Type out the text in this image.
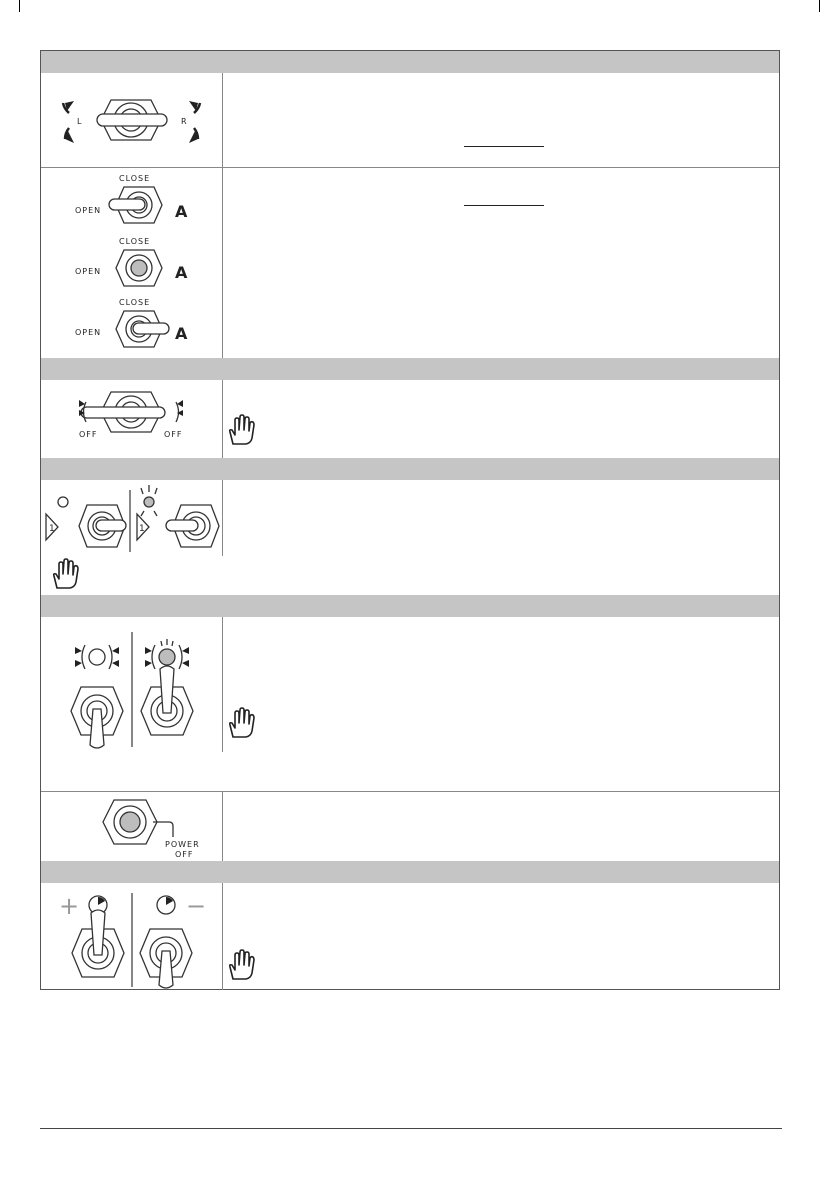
L	R
CLOSE
OPEN	A
CLOSE
OPEN	A
CLOSE
OPEN	A
OFF	OFF
1	1
POWER
OFF
+	−
